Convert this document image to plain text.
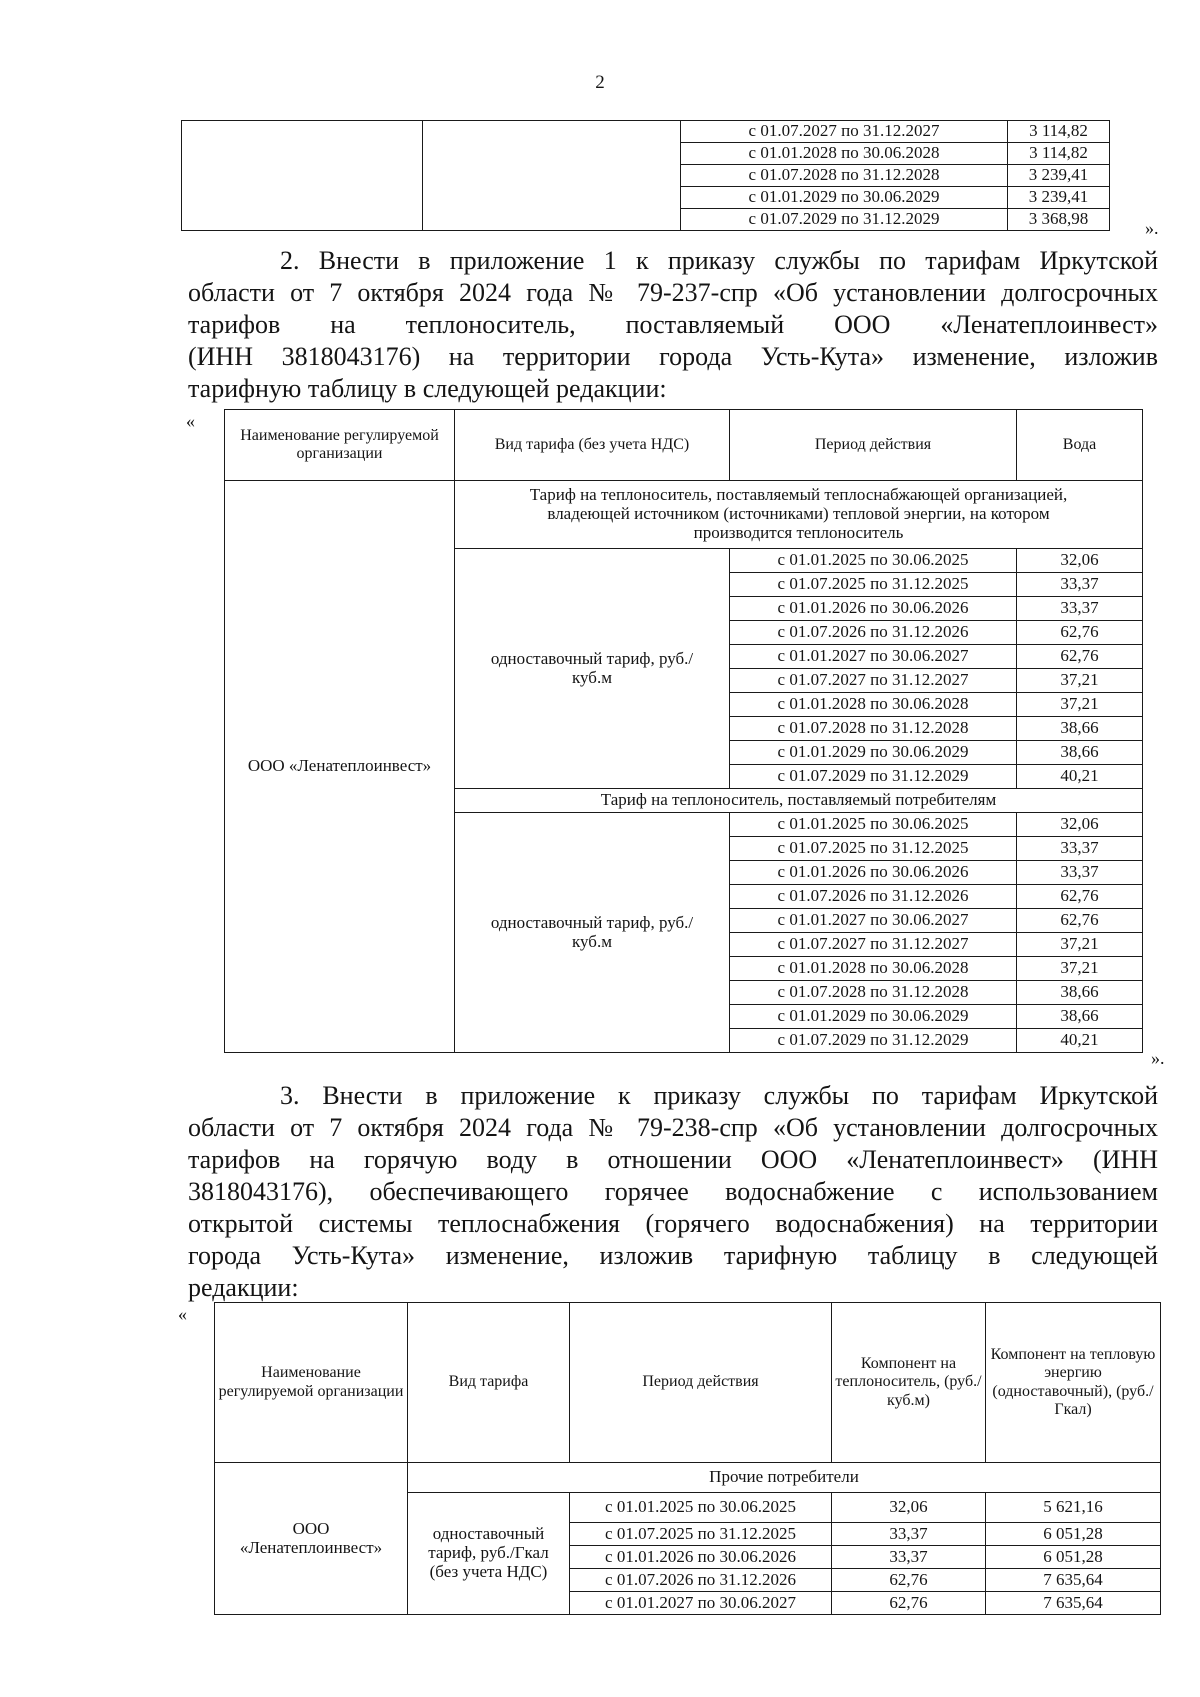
2
		с 01.07.2027 по 31.12.2027	3 114,82
		с 01.01.2028 по 30.06.2028	3 114,82
		с 01.07.2028 по 31.12.2028	3 239,41
		с 01.01.2029 по 30.06.2029	3 239,41
		с 01.07.2029 по 31.12.2029	3 368,98	».
2. Внести в приложение 1 к приказу службы по тарифам Иркутской
области от 7 октября 2024 года № 79-237-спр «Об установлении долгосрочных
тарифов на теплоноситель, поставляемый ООО «Ленатеплоинвест»
(ИНН 3818043176) на территории города Усть-Кута» изменение, изложив
тарифную таблицу в следующей редакции:
«
Наименование регулируемой организации	Вид тарифа (без учета НДС)	Период действия	Вода
ООО «Ленатеплоинвест»	Тариф на теплоноситель, поставляемый теплоснабжающей организацией, владеющей источником (источниками) тепловой энергии, на котором производится теплоноситель		
	одноставочный тариф, руб./куб.м	с 01.01.2025 по 30.06.2025	32,06
		с 01.07.2025 по 31.12.2025	33,37
		с 01.01.2026 по 30.06.2026	33,37
		с 01.07.2026 по 31.12.2026	62,76
		с 01.01.2027 по 30.06.2027	62,76
		с 01.07.2027 по 31.12.2027	37,21
		с 01.01.2028 по 30.06.2028	37,21
		с 01.07.2028 по 31.12.2028	38,66
		с 01.01.2029 по 30.06.2029	38,66
		с 01.07.2029 по 31.12.2029	40,21
	Тариф на теплоноситель, поставляемый потребителям		
	одноставочный тариф, руб./куб.м	с 01.01.2025 по 30.06.2025	32,06
		с 01.07.2025 по 31.12.2025	33,37
		с 01.01.2026 по 30.06.2026	33,37
		с 01.07.2026 по 31.12.2026	62,76
		с 01.01.2027 по 30.06.2027	62,76
		с 01.07.2027 по 31.12.2027	37,21
		с 01.01.2028 по 30.06.2028	37,21
		с 01.07.2028 по 31.12.2028	38,66
		с 01.01.2029 по 30.06.2029	38,66
		с 01.07.2029 по 31.12.2029	40,21
».
3. Внести в приложение к приказу службы по тарифам Иркутской
области от 7 октября 2024 года № 79-238-спр «Об установлении долгосрочных
тарифов на горячую воду в отношении ООО «Ленатеплоинвест» (ИНН
3818043176), обеспечивающего горячее водоснабжение с использованием
открытой системы теплоснабжения (горячего водоснабжения) на территории
города Усть-Кута» изменение, изложив тарифную таблицу в следующей
редакции:
«
Наименование регулируемой организации	Вид тарифа	Период действия	Компонент на теплоноситель, (руб./куб.м)	Компонент на тепловую энергию (одноставочный), (руб./Гкал)
ООО «Ленатеплоинвест»	Прочие потребители			
	одноставочный тариф, руб./Гкал (без учета НДС)	с 01.01.2025 по 30.06.2025	32,06	5 621,16
		с 01.07.2025 по 31.12.2025	33,37	6 051,28
		с 01.01.2026 по 30.06.2026	33,37	6 051,28
		с 01.07.2026 по 31.12.2026	62,76	7 635,64
		с 01.01.2027 по 30.06.2027	62,76	7 635,64
